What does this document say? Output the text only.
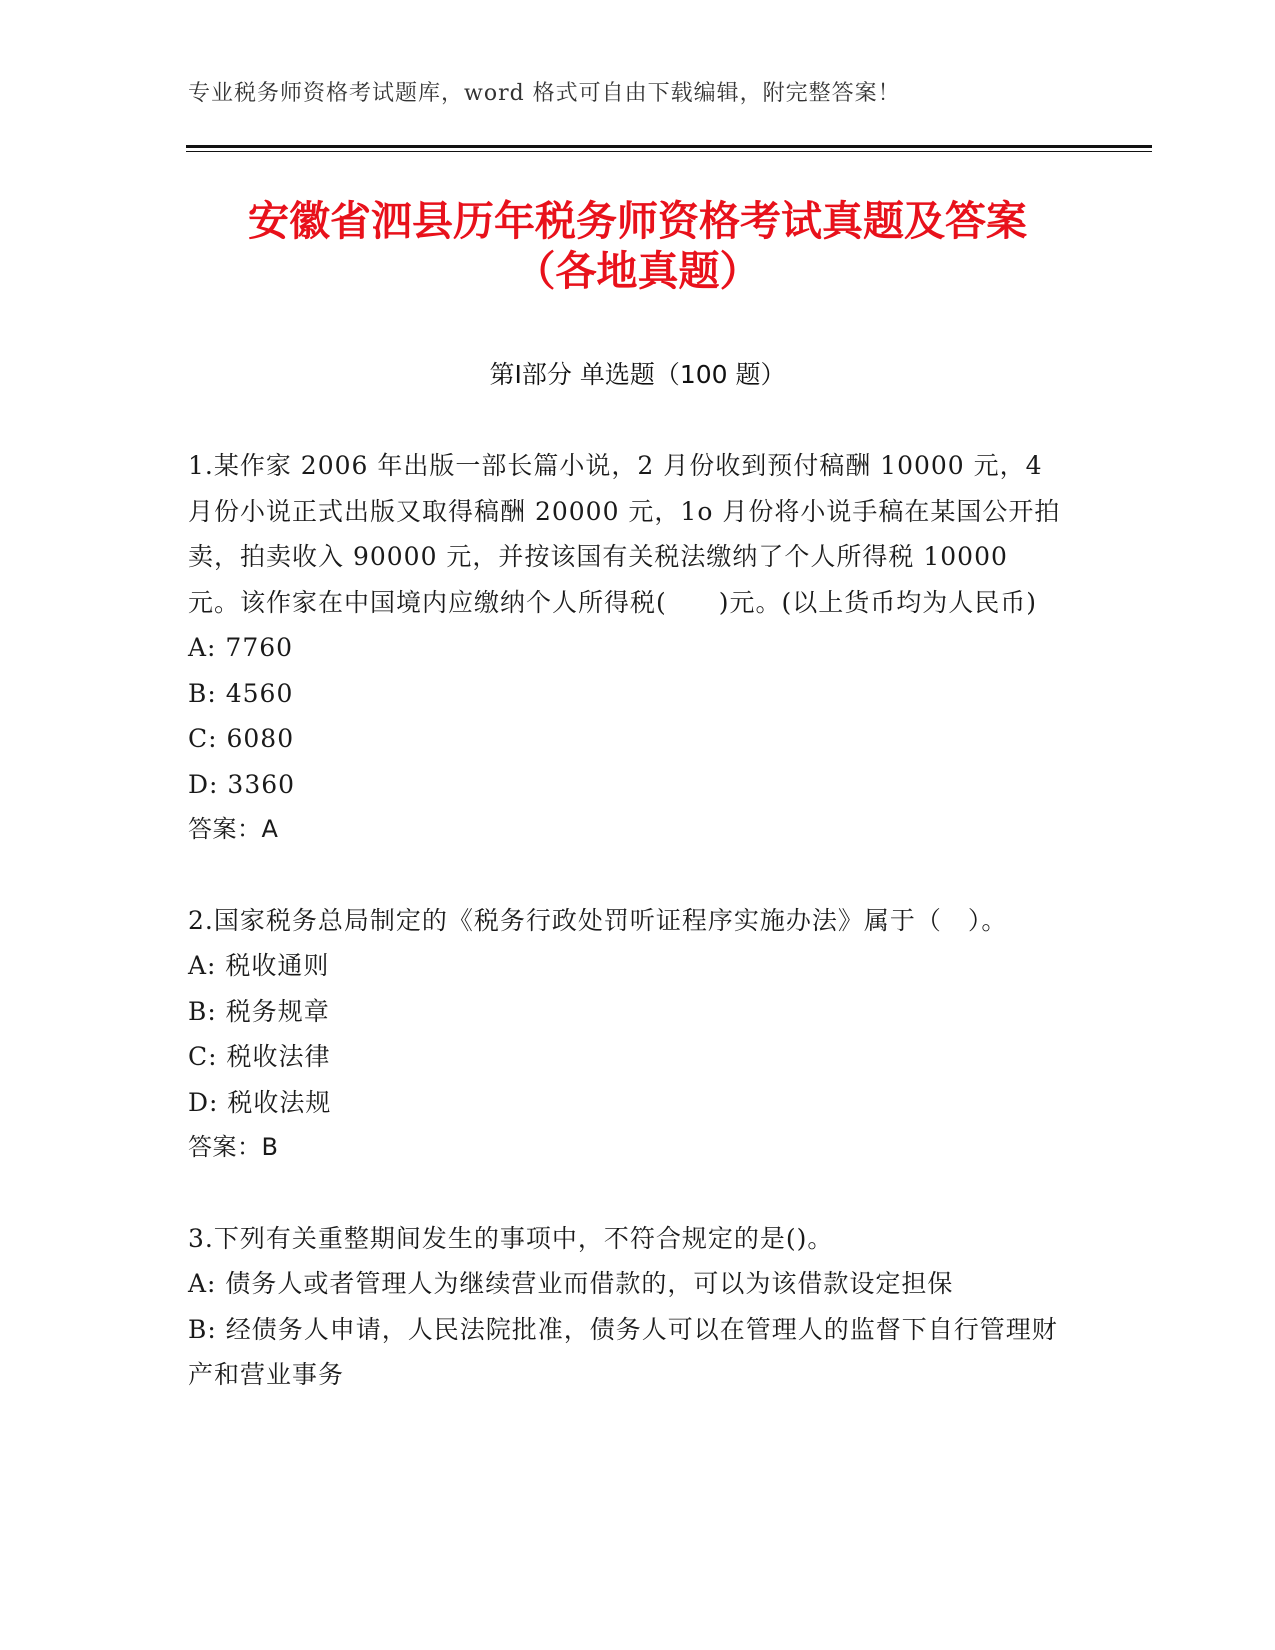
专业税务师资格考试题库，word 格式可自由下载编辑，附完整答案！
安徽省泗县历年税务师资格考试真题及答案
（各地真题）
第Ⅰ部分 单选题（100 题）

1.某作家 2006 年出版一部长篇小说，2 月份收到预付稿酬 10000 元，4 月份小说正式出版又取得稿酬 20000 元，1o 月份将小说手稿在某国公开拍卖，拍卖收入 90000 元，并按该国有关税法缴纳了个人所得税 10000 元。该作家在中国境内应缴纳个人所得税(　　)元。(以上货币均为人民币)

A: 7760

B: 4560

C: 6080

D: 3360

答案：A

2.国家税务总局制定的《税务行政处罚听证程序实施办法》属于（　）。

A: 税收通则

B: 税务规章

C: 税收法律

D: 税收法规

答案：B

3.下列有关重整期间发生的事项中，不符合规定的是()。

A: 债务人或者管理人为继续营业而借款的，可以为该借款设定担保

B: 经债务人申请，人民法院批准，债务人可以在管理人的监督下自行管理财产和营业事务
